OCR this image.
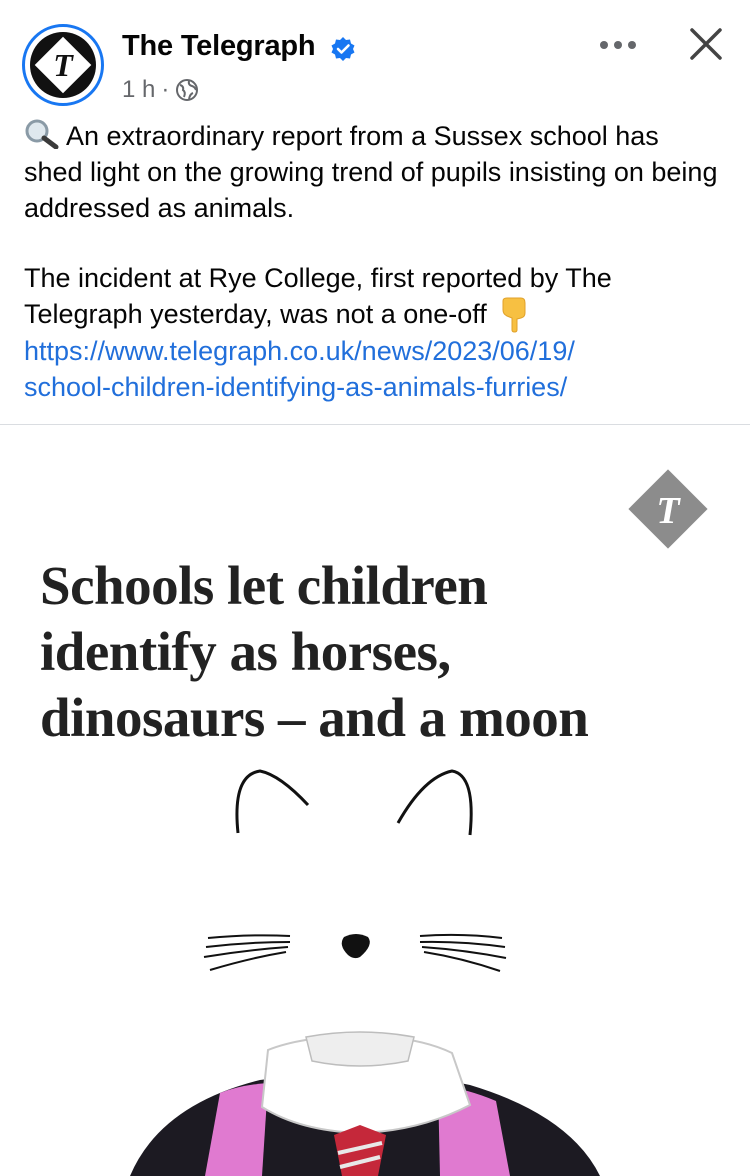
T
The Telegraph
1 h ·

An extraordinary report from a Sussex school has shed light on the growing trend of pupils insisting on being addressed as animals.

The incident at Rye College, first reported by The Telegraph yesterday, was not a one-off

https://www.telegraph.co.uk/news/2023/06/19/
school-children-identifying-as-animals-furries/
T
Schools let children
identify as horses,
dinosaurs – and a moon
